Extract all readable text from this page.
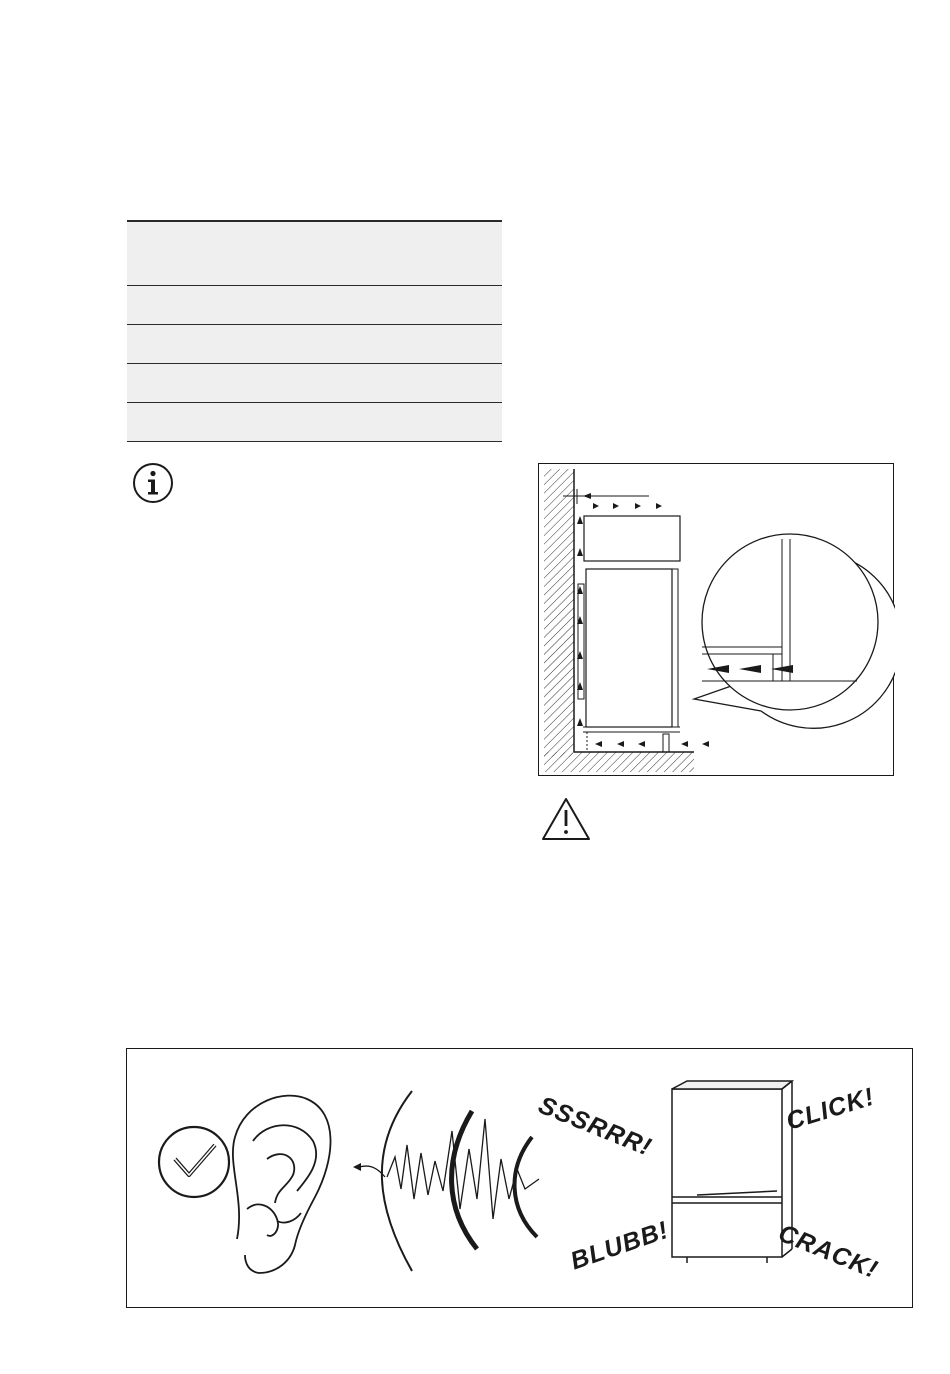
SSSRRR!	CLICK!
BLUBB!	CRACK!
